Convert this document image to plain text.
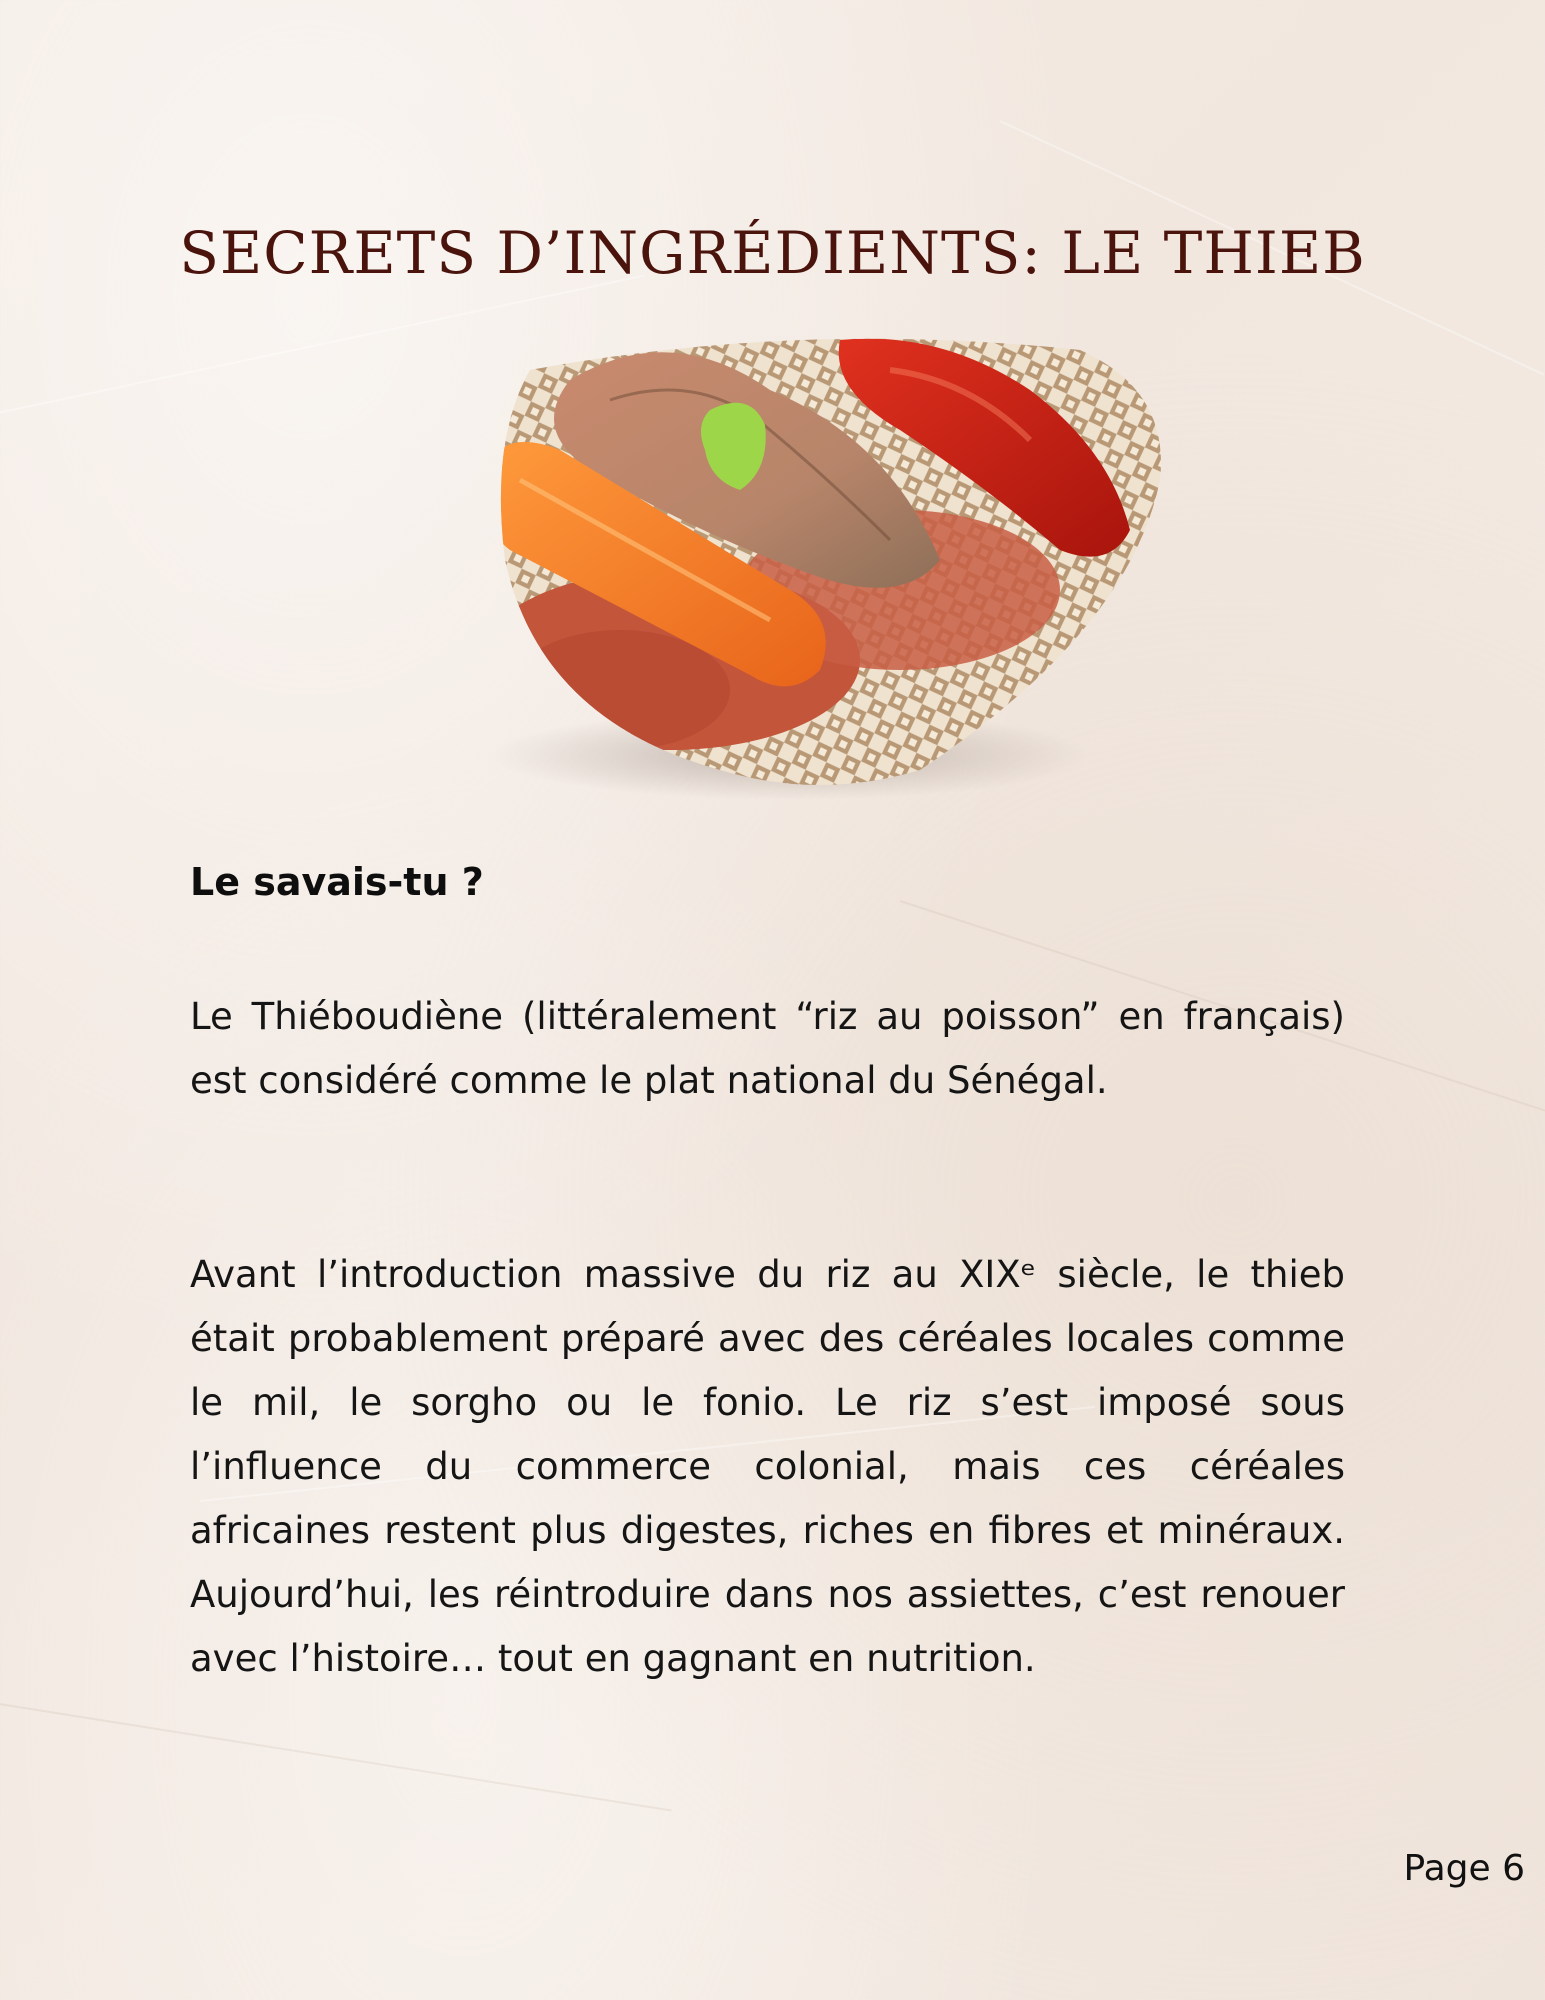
SECRETS D’INGRÉDIENTS: LE THIEB
Le savais-tu ?

Le Thiéboudiène (littéralement “riz au poisson” en français) est considéré comme le plat national du Sénégal.

Avant l’introduction massive du riz au XIXᵉ siècle, le thieb était probablement préparé avec des céréales locales comme le mil, le sorgho ou le fonio. Le riz s’est imposé sous l’influence du commerce colonial, mais ces céréales africaines restent plus digestes, riches en fibres et minéraux. Aujourd’hui, les réintroduire dans nos assiettes, c’est renouer avec l’histoire… tout en gagnant en nutrition.

Page 6
